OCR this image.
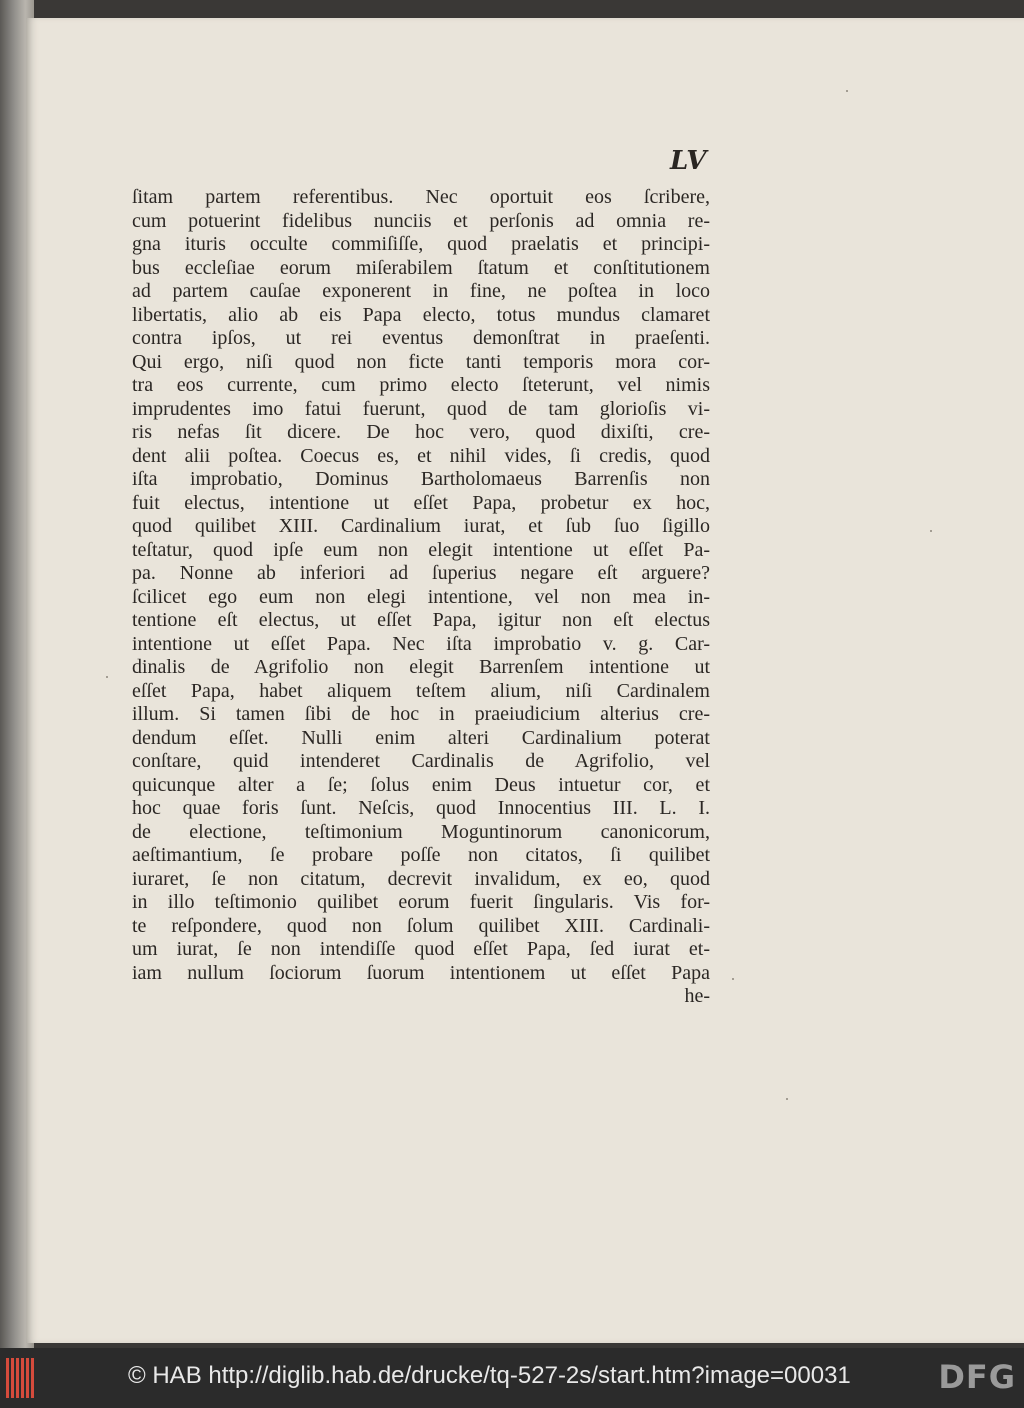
LV
ſitam partem referentibus. Nec oportuit eos ſcribere,
cum potuerint fidelibus nunciis et perſonis ad omnia re-
gna ituris occulte commiſiſſe, quod praelatis et principi-
bus eccleſiae eorum miſerabilem ſtatum et conſtitutionem
ad partem cauſae exponerent in fine, ne poſtea in loco
libertatis, alio ab eis Papa electo, totus mundus clamaret
contra ipſos, ut rei eventus demonſtrat in praeſenti.
Qui ergo, niſi quod non ficte tanti temporis mora cor-
tra eos currente, cum primo electo ſteterunt, vel nimis
imprudentes imo fatui fuerunt, quod de tam glorioſis vi-
ris nefas ſit dicere. De hoc vero, quod dixiſti, cre-
dent alii poſtea. Coecus es, et nihil vides, ſi credis, quod
iſta improbatio, Dominus Bartholomaeus Barrenſis non
fuit electus, intentione ut eſſet Papa, probetur ex hoc,
quod quilibet XIII. Cardinalium iurat, et ſub ſuo ſigillo
teſtatur, quod ipſe eum non elegit intentione ut eſſet Pa-
pa. Nonne ab inferiori ad ſuperius negare eſt arguere?
ſcilicet ego eum non elegi intentione, vel non mea in-
tentione eſt electus, ut eſſet Papa, igitur non eſt electus
intentione ut eſſet Papa. Nec iſta improbatio v. g. Car-
dinalis de Agrifolio non elegit Barrenſem intentione ut
eſſet Papa, habet aliquem teſtem alium, niſi Cardinalem
illum. Si tamen ſibi de hoc in praeiudicium alterius cre-
dendum eſſet. Nulli enim alteri Cardinalium poterat
conſtare, quid intenderet Cardinalis de Agrifolio, vel
quicunque alter a ſe; ſolus enim Deus intuetur cor, et
hoc quae foris ſunt. Neſcis, quod Innocentius III. L. I.
de electione, teſtimonium Moguntinorum canonicorum,
aeſtimantium, ſe probare poſſe non citatos, ſi quilibet
iuraret, ſe non citatum, decrevit invalidum, ex eo, quod
in illo teſtimonio quilibet eorum fuerit ſingularis. Vis for-
te reſpondere, quod non ſolum quilibet XIII. Cardinali-
um iurat, ſe non intendiſſe quod eſſet Papa, ſed iurat et-
iam nullum ſociorum ſuorum intentionem ut eſſet Papa
he-
© HAB http://diglib.hab.de/drucke/tq-527-2s/start.htm?image=00031	DFG
